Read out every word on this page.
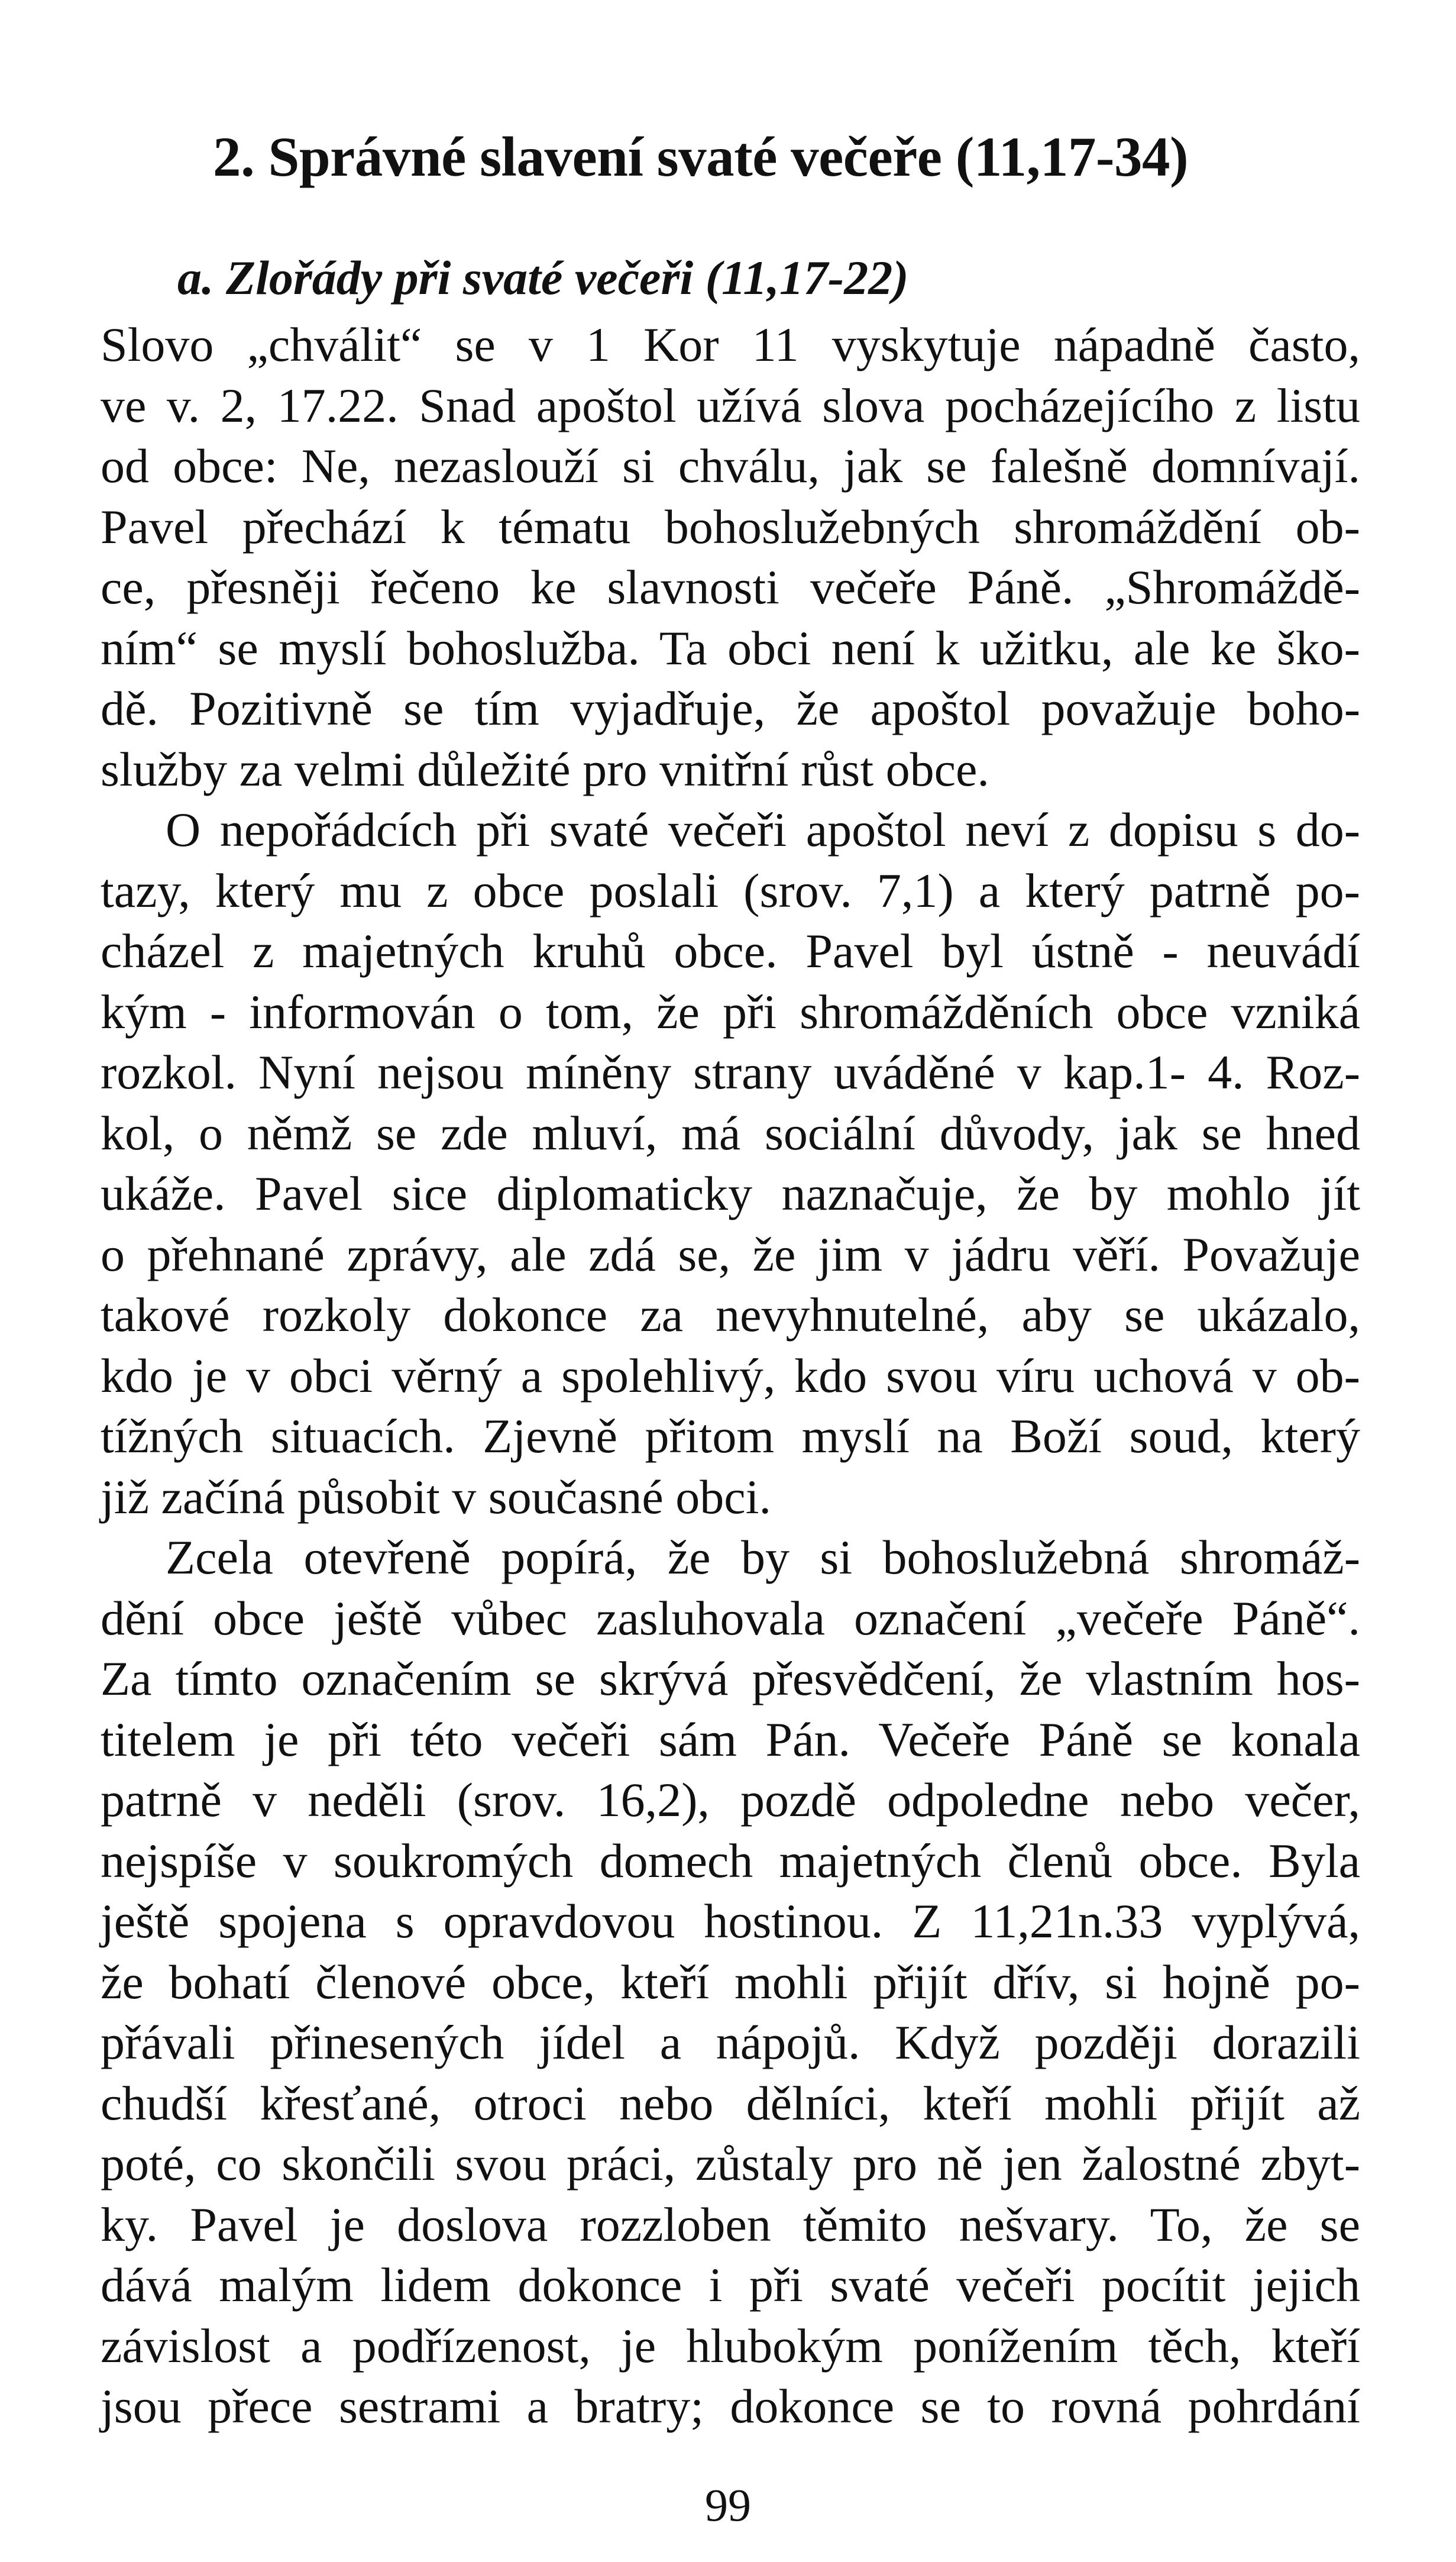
2. Správné slavení svaté večeře (11,17-34)
a. Zlořády při svaté večeři (11,17-22)

Slovo „chválit“ se v 1 Kor 11 vyskytuje nápadně často,
ve v. 2, 17.22. Snad apoštol užívá slova pocházejícího z listu
od obce: Ne, nezaslouží si chválu, jak se falešně domnívají.
Pavel přechází k tématu bohoslužebných shromáždění ob-
ce, přesněji řečeno ke slavnosti večeře Páně. „Shromáždě-
ním“ se myslí bohoslužba. Ta obci není k užitku, ale ke ško-
dě. Pozitivně se tím vyjadřuje, že apoštol považuje boho-
služby za velmi důležité pro vnitřní růst obce.

O nepořádcích při svaté večeři apoštol neví z dopisu s do-
tazy, který mu z obce poslali (srov. 7,1) a který patrně po-
cházel z majetných kruhů obce. Pavel byl ústně - neuvádí
kým - informován o tom, že při shromážděních obce vzniká
rozkol. Nyní nejsou míněny strany uváděné v kap.1- 4. Roz-
kol, o němž se zde mluví, má sociální důvody, jak se hned
ukáže. Pavel sice diplomaticky naznačuje, že by mohlo jít
o přehnané zprávy, ale zdá se, že jim v jádru věří. Považuje
takové rozkoly dokonce za nevyhnutelné, aby se ukázalo,
kdo je v obci věrný a spolehlivý, kdo svou víru uchová v ob-
tížných situacích. Zjevně přitom myslí na Boží soud, který
již začíná působit v současné obci.

Zcela otevřeně popírá, že by si bohoslužebná shromáž-
dění obce ještě vůbec zasluhovala označení „večeře Páně“.
Za tímto označením se skrývá přesvědčení, že vlastním hos-
titelem je při této večeři sám Pán. Večeře Páně se konala
patrně v neděli (srov. 16,2), pozdě odpoledne nebo večer,
nejspíše v soukromých domech majetných členů obce. Byla
ještě spojena s opravdovou hostinou. Z 11,21n.33 vyplývá,
že bohatí členové obce, kteří mohli přijít dřív, si hojně po-
přávali přinesených jídel a nápojů. Když později dorazili
chudší křesťané, otroci nebo dělníci, kteří mohli přijít až
poté, co skončili svou práci, zůstaly pro ně jen žalostné zbyt-
ky. Pavel je doslova rozzloben těmito nešvary. To, že se
dává malým lidem dokonce i při svaté večeři pocítit jejich
závislost a podřízenost, je hlubokým ponížením těch, kteří
jsou přece sestrami a bratry; dokonce se to rovná pohrdání

99
